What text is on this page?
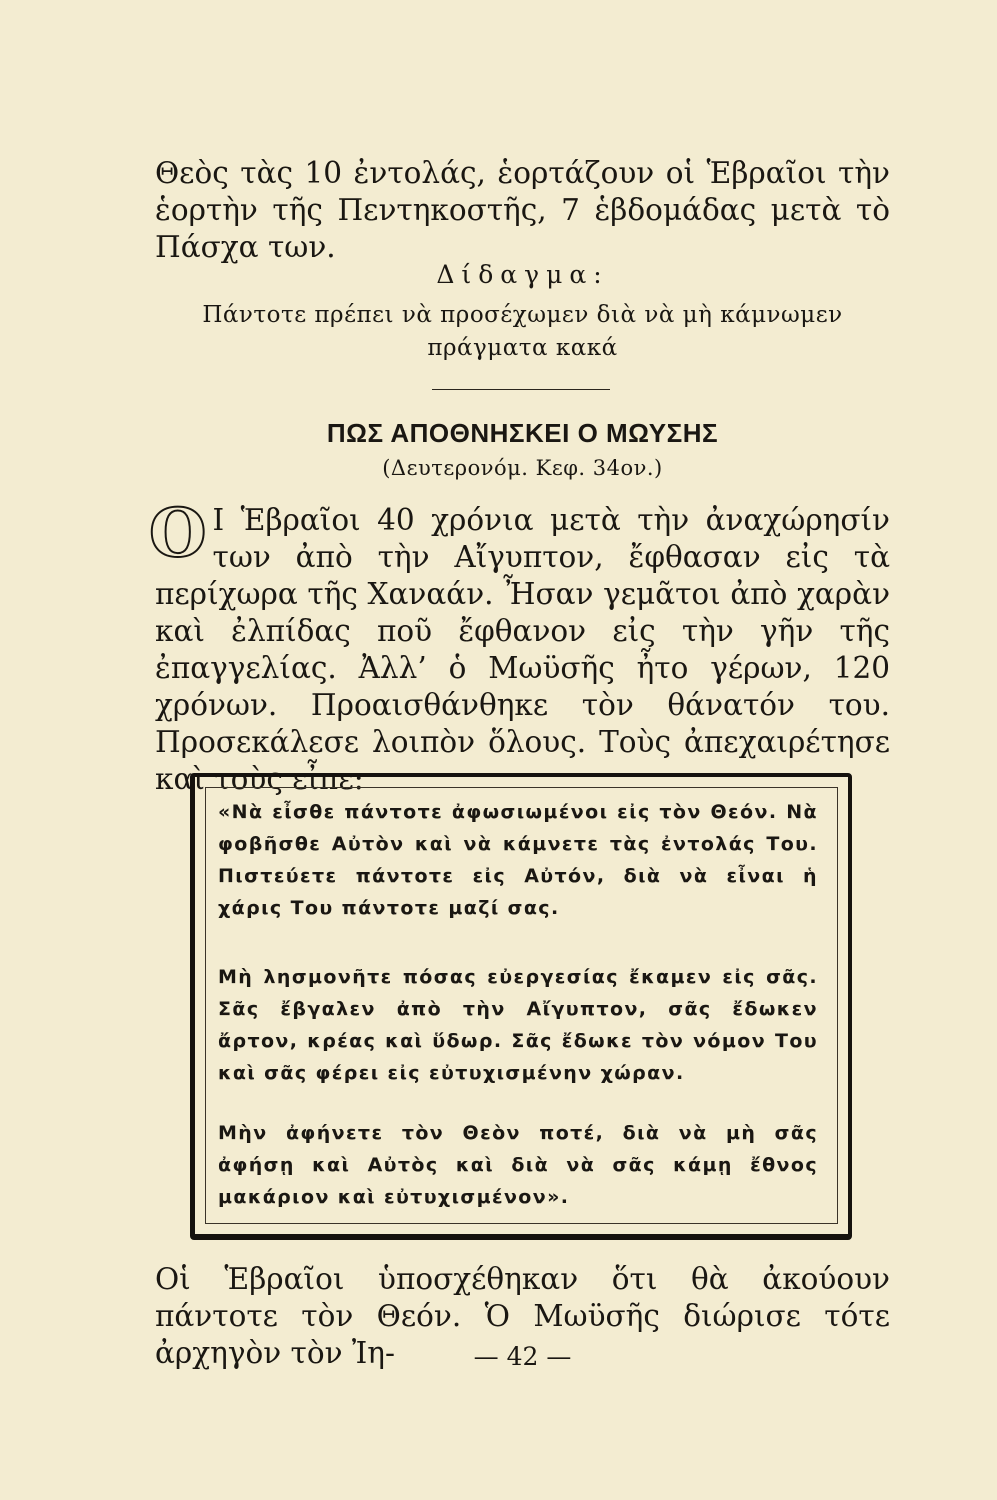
Θεὸς τὰς 10 ἐντολάς, ἑορτάζουν οἱ Ἑβραῖοι τὴν ἑορτὴν τῆς Πεντηκοστῆς, 7 ἑβδομάδας μετὰ τὸ Πάσχα των.

Δίδαγμα:
Πάντοτε πρέπει νὰ προσέχωμεν διὰ νὰ μὴ κάμνωμεν πράγματα κακά
ΠΩΣ ΑΠΟΘΝΗΣΚΕΙ Ο ΜΩΥΣΗΣ
(Δευτερονόμ. Κεφ. 34ον.)

O Ι Ἑβραῖοι 40 χρόνια μετὰ τὴν ἀναχώρησίν των ἀπὸ τὴν Αἴγυπτον, ἔφθασαν εἰς τὰ περίχωρα τῆς Χαναάν. Ἦσαν γεμᾶτοι ἀπὸ χαρὰν καὶ ἐλπίδας ποῦ ἔφθανον εἰς τὴν γῆν τῆς ἐπαγγελίας. Ἀλλ’ ὁ Μωϋσῆς ἦτο γέρων, 120 χρόνων. Προαισθάνθηκε τὸν θάνατόν του. Προσεκάλεσε λοιπὸν ὅλους. Τοὺς ἀπεχαιρέτησε καὶ τοὺς εἶπε:

«Νὰ εἶσθε πάντοτε ἀφωσιωμένοι εἰς τὸν Θεόν. Νὰ φοβῆσθε Αὐτὸν καὶ νὰ κάμνετε τὰς ἐντολάς Του. Πιστεύετε πάντοτε εἰς Αὐτόν, διὰ νὰ εἶναι ἡ χάρις Του πάντοτε μαζί σας.

Μὴ λησμονῆτε πόσας εὐεργεσίας ἔκαμεν εἰς σᾶς. Σᾶς ἔβγαλεν ἀπὸ τὴν Αἴγυπτον, σᾶς ἔδωκεν ἄρτον, κρέας καὶ ὕδωρ. Σᾶς ἔδωκε τὸν νόμον Του καὶ σᾶς φέρει εἰς εὐτυχισμένην χώραν.

Μὴν ἀφήνετε τὸν Θεὸν ποτέ, διὰ νὰ μὴ σᾶς ἀφήσῃ καὶ Αὐτὸς καὶ διὰ νὰ σᾶς κάμῃ ἔθνος μακάριον καὶ εὐτυχισμένον».

Οἱ Ἑβραῖοι ὑποσχέθηκαν ὅτι θὰ ἀκούουν πάντοτε τὸν Θεόν. Ὁ Μωϋσῆς διώρισε τότε ἀρχηγὸν τὸν Ἰη-	— 42 —
